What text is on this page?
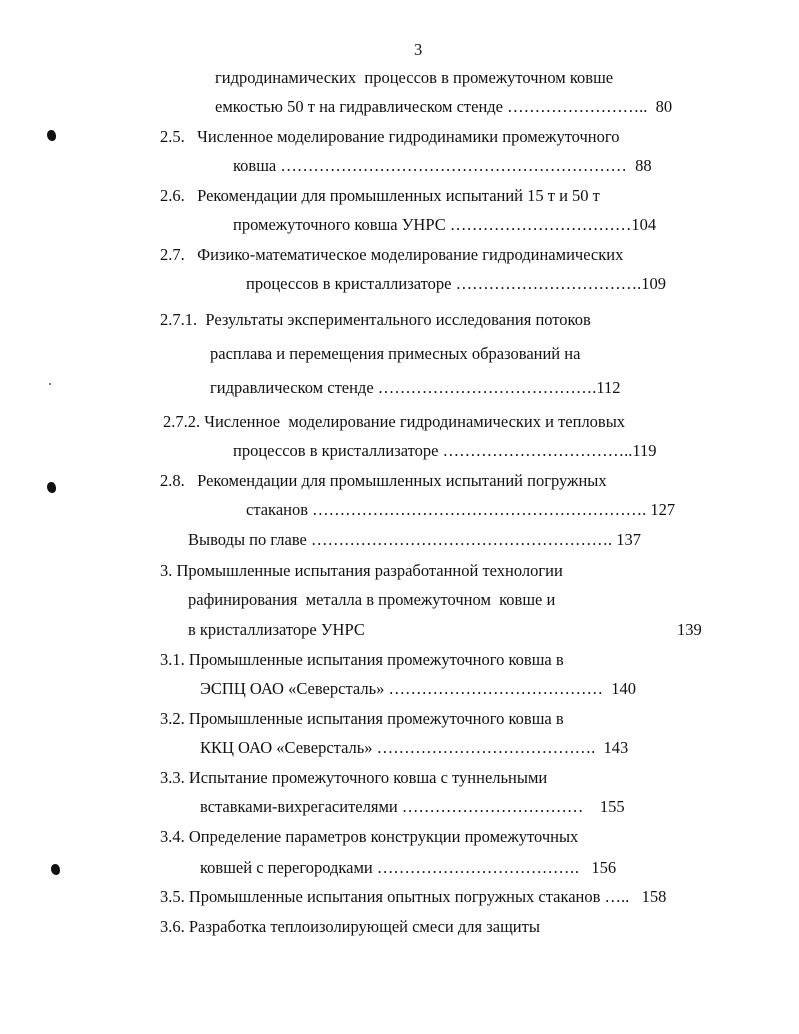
3
гидродинамических  процессов в промежуточном ковше
емкостью 50 т на гидравлическом стенде ……………………..  80
2.5.   Численное моделирование гидродинамики промежуточного
ковша ………………………………………………………  88
2.6.   Рекомендации для промышленных испытаний 15 т и 50 т
промежуточного ковша УНРС ……………………………104
2.7.   Физико-математическое моделирование гидродинамических
процессов в кристаллизаторе …………………………….109
2.7.1.  Результаты экспериментального исследования потоков
расплава и перемещения примесных образований на
гидравлическом стенде ………………………………….112
2.7.2. Численное  моделирование гидродинамических и тепловых
процессов в кристаллизаторе ……………………………..119
2.8.   Рекомендации для промышленных испытаний погружных
стаканов ……………………………………………………. 127
Выводы по главе ………………………………………………. 137
3. Промышленные испытания разработанной технологии
рафинирования  металла в промежуточном  ковше и
в кристаллизаторе УНРС	139
3.1. Промышленные испытания промежуточного ковша в
ЭСПЦ ОАО «Северсталь» …………………………………  140
3.2. Промышленные испытания промежуточного ковша в
ККЦ ОАО «Северсталь» ………………………………….  143
3.3. Испытание промежуточного ковша с туннельными
вставками-вихрегасителями ……………………………    155
3.4. Определение параметров конструкции промежуточных
ковшей с перегородками ……………………………….   156
3.5. Промышленные испытания опытных погружных стаканов …..   158
3.6. Разработка теплоизолирующей смеси для защиты
